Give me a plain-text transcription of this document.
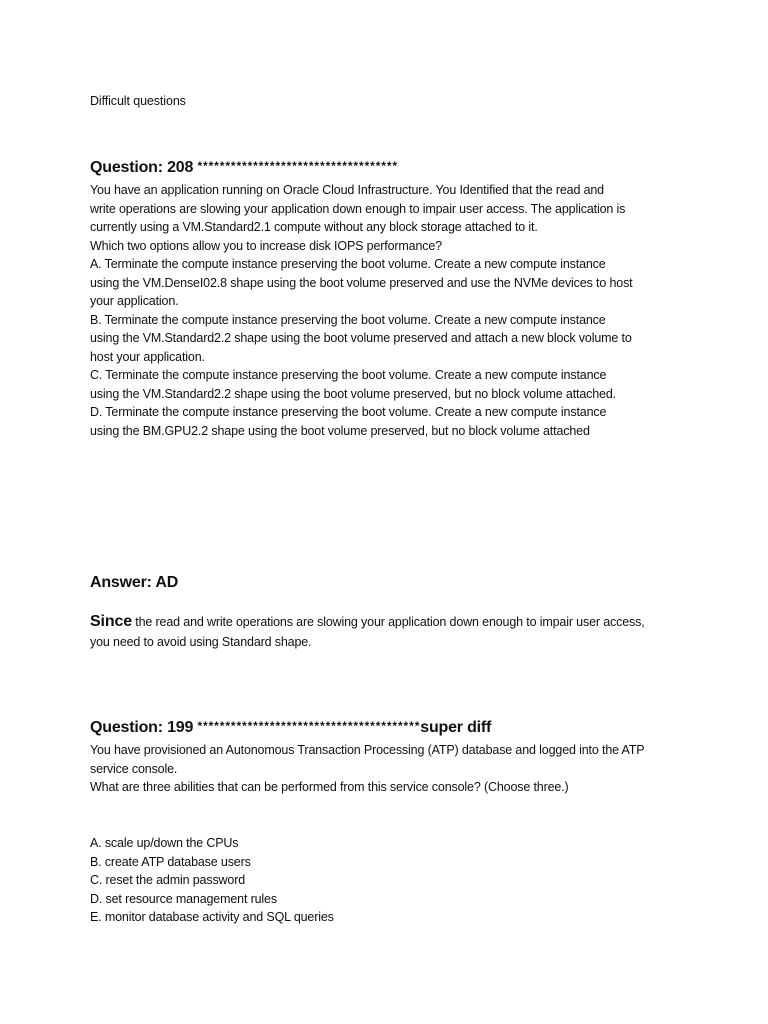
Difficult questions
Question: 208 ************************************
You have an application running on Oracle Cloud Infrastructure. You Identified that the read and
write operations are slowing your application down enough to impair user access. The application is
currently using a VM.Standard2.1 compute without any block storage attached to it.
Which two options allow you to increase disk IOPS performance?
A. Terminate the compute instance preserving the boot volume. Create a new compute instance
using the VM.DenseI02.8 shape using the boot volume preserved and use the NVMe devices to host
your application.
B. Terminate the compute instance preserving the boot volume. Create a new compute instance
using the VM.Standard2.2 shape using the boot volume preserved and attach a new block volume to
host your application.
C. Terminate the compute instance preserving the boot volume. Create a new compute instance
using the VM.Standard2.2 shape using the boot volume preserved, but no block volume attached.
D. Terminate the compute instance preserving the boot volume. Create a new compute instance
using the BM.GPU2.2 shape using the boot volume preserved, but no block volume attached
Answer: AD
Since the read and write operations are slowing your application down enough to impair user access,
you need to avoid using Standard shape.
Question: 199 ****************************************super diff
You have provisioned an Autonomous Transaction Processing (ATP) database and logged into the ATP
service console.
What are three abilities that can be performed from this service console? (Choose three.)
A. scale up/down the CPUs
B. create ATP database users
C. reset the admin password
D. set resource management rules
E. monitor database activity and SQL queries
